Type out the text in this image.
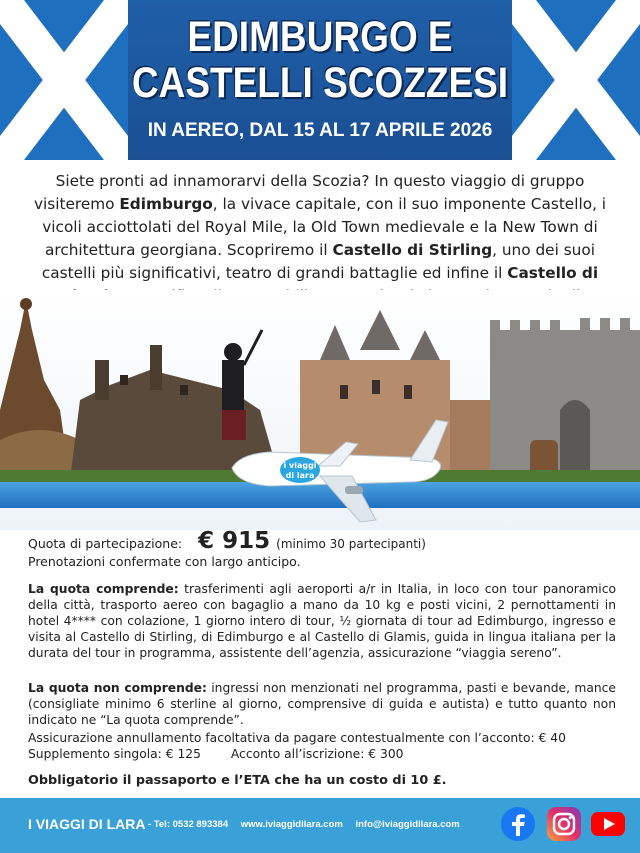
EDIMBURGO E
CASTELLI SCOZZESI
IN AEREO, DAL 15 AL 17 APRILE 2026
Siete pronti ad innamorarvi della Scozia? In questo viaggio di gruppo visiteremo Edimburgo, la vivace capitale, con il suo imponente Castello, i vicoli acciottolati del Royal Mile, la Old Town medievale e la New Town di architettura georgiana. Scopriremo il Castello di Stirling, uno dei suoi castelli più significativi, teatro di grandi battaglie ed infine il Castello di
i viaggi
di lara
Quota di partecipazione: € 915 (minimo 30 partecipanti)
Prenotazioni confermate con largo anticipo.
La quota comprende: trasferimenti agli aeroporti a/r in Italia, in loco con tour panoramico della città, trasporto aereo con bagaglio a mano da 10 kg e posti vicini, 2 pernottamenti in hotel 4**** con colazione, 1 giorno intero di tour, ½ giornata di tour ad Edimburgo, ingresso e visita al Castello di Stirling, di Edimburgo e al Castello di Glamis, guida in lingua italiana per la durata del tour in programma, assistente dell’agenzia, assicurazione “viaggia sereno”.
La quota non comprende: ingressi non menzionati nel programma, pasti e bevande, mance (consigliate minimo 6 sterline al giorno, comprensive di guida e autista) e tutto quanto non indicato ne “La quota comprende”.
Assicurazione annullamento facoltativa da pagare contestualmente con l’acconto: € 40
Supplemento singola: € 125 Acconto all’iscrizione: € 300
Obbligatorio il passaporto e l’ETA che ha un costo di 10 £.
I VIAGGI DI LARA - Tel: 0532 893384 www.iviaggidilara.com info@iviaggidilara.com
